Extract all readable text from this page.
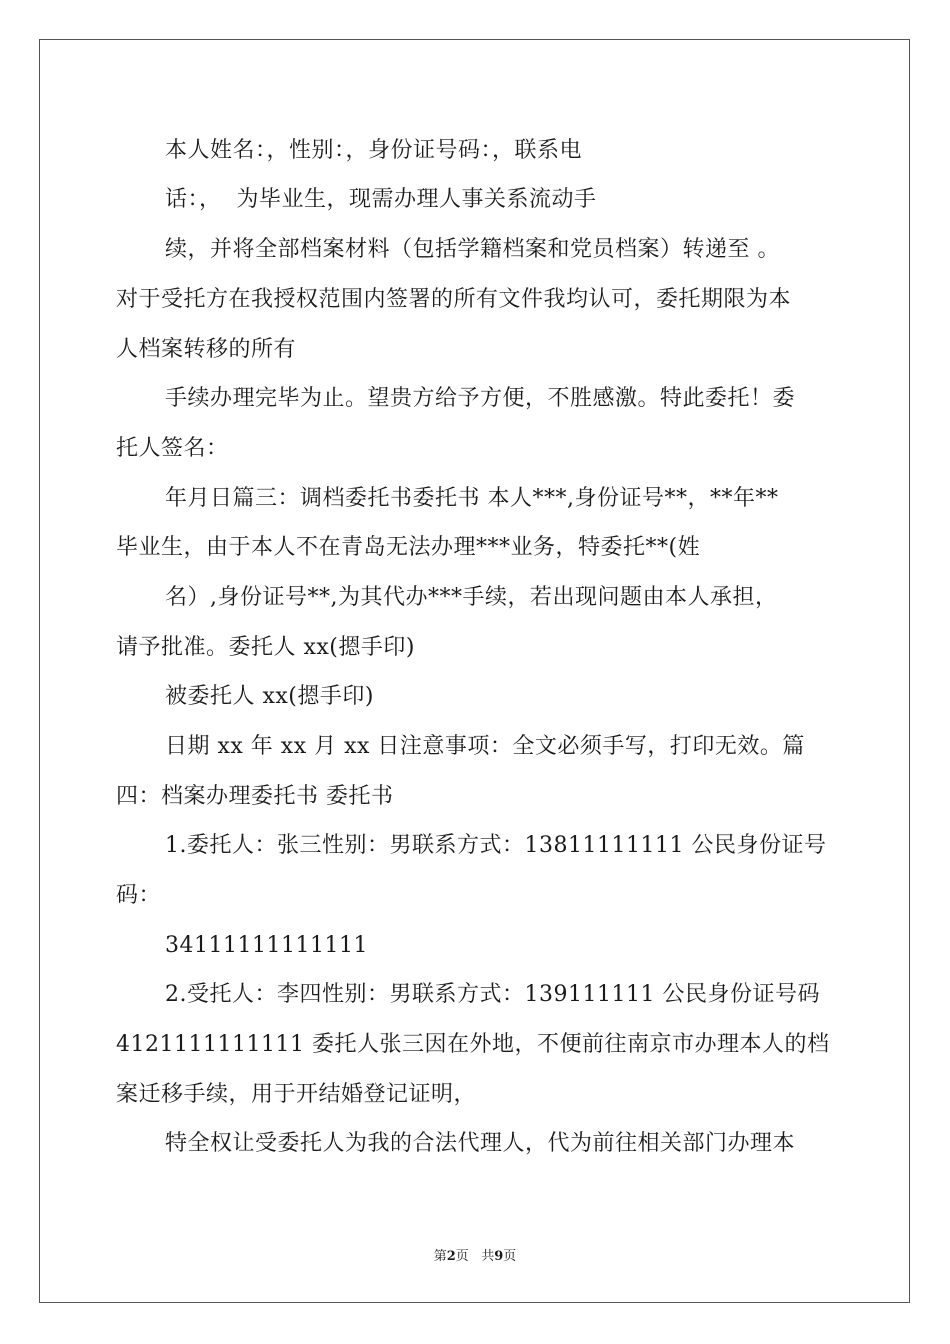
本人姓名：，性别：，身份证号码：，联系电
话：，  为毕业生，现需办理人事关系流动手
续，并将全部档案材料（包括学籍档案和党员档案）转递至 。
对于受托方在我授权范围内签署的所有文件我均认可，委托期限为本
人档案转移的所有
手续办理完毕为止。望贵方给予方便，不胜感激。特此委托！委
托人签名：
年月日篇三：调档委托书委托书 本人***,身份证号**，**年**
毕业生，由于本人不在青岛无法办理***业务，特委托**(姓
名）,身份证号**,为其代办***手续，若出现问题由本人承担，
请予批准。委托人 xx(摁手印)
被委托人 xx(摁手印)
日期 xx 年 xx 月 xx 日注意事项：全文必须手写，打印无效。篇
四：档案办理委托书 委托书
1.委托人：张三性别：男联系方式：13811111111 公民身份证号
码：
34111111111111
2.受托人：李四性别：男联系方式：139111111 公民身份证号码
4121111111111 委托人张三因在外地，不便前往南京市办理本人的档
案迁移手续，用于开结婚登记证明，
特全权让受委托人为我的合法代理人，代为前往相关部门办理本
第2页 共9页
